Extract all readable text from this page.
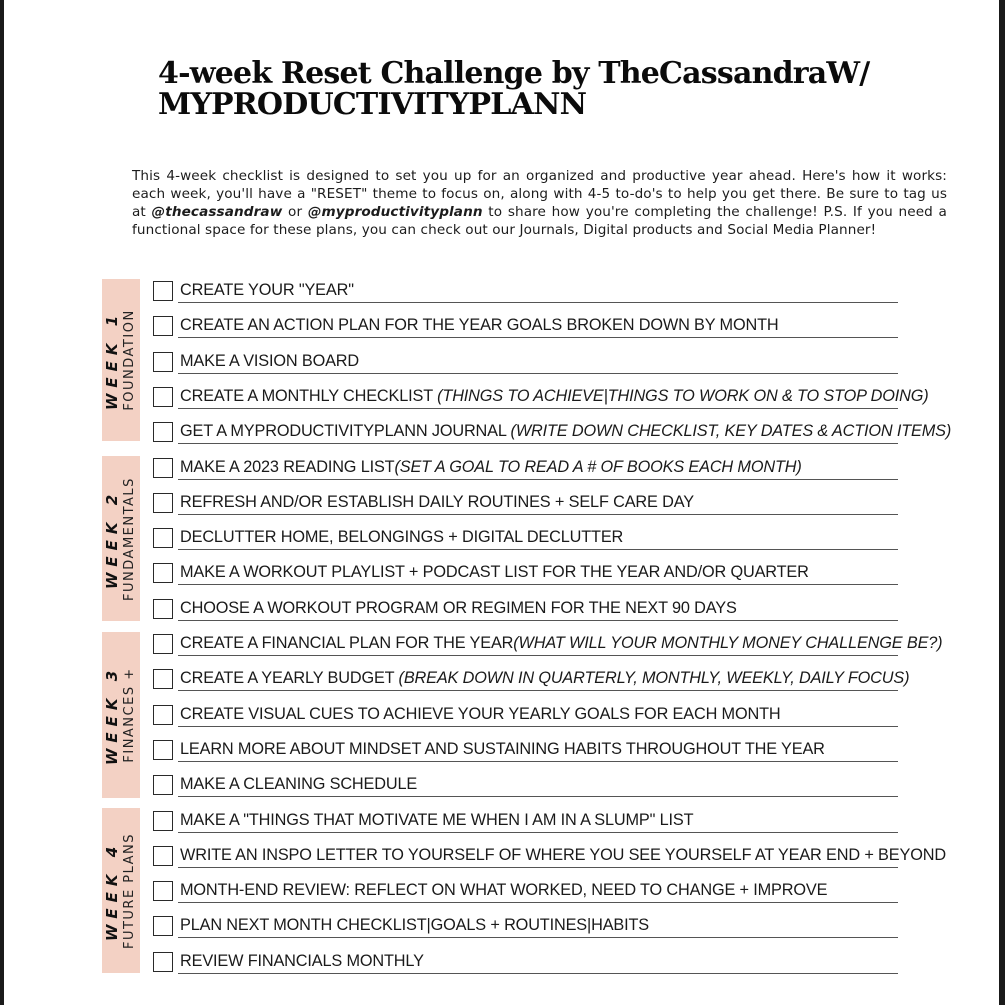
4-week Reset Challenge by TheCassandraW/
MYPRODUCTIVITYPLANN
This 4-week checklist is designed to set you up for an organized and productive year ahead. Here's how it works: each week, you'll have a "RESET" theme to focus on, along with 4-5 to-do's to help you get there. Be sure to tag us at @thecassandraw or @myproductivityplann to share how you're completing the challenge! P.S. If you need a functional space for these plans, you can check out our Journals, Digital products and Social Media Planner!
WEEK 1 FOUNDATION
CREATE YOUR "YEAR"
CREATE AN ACTION PLAN FOR THE YEAR GOALS BROKEN DOWN BY MONTH
MAKE A VISION BOARD
CREATE A MONTHLY CHECKLIST (THINGS TO ACHIEVE|THINGS TO WORK ON & TO STOP DOING)
GET A MYPRODUCTIVITYPLANN JOURNAL (WRITE DOWN CHECKLIST, KEY DATES & ACTION ITEMS)
WEEK 2 FUNDAMENTALS
MAKE A 2023 READING LIST(SET A GOAL TO READ A # OF BOOKS EACH MONTH)
REFRESH AND/OR ESTABLISH DAILY ROUTINES + SELF CARE DAY
DECLUTTER HOME, BELONGINGS + DIGITAL DECLUTTER
MAKE A WORKOUT PLAYLIST + PODCAST LIST FOR THE YEAR AND/OR QUARTER
CHOOSE A WORKOUT PROGRAM OR REGIMEN FOR THE NEXT 90 DAYS
WEEK 3 FINANCES +
CREATE A FINANCIAL PLAN FOR THE YEAR(WHAT WILL YOUR MONTHLY MONEY CHALLENGE BE?)
CREATE A YEARLY BUDGET (BREAK DOWN IN QUARTERLY, MONTHLY, WEEKLY, DAILY FOCUS)
CREATE VISUAL CUES TO ACHIEVE YOUR YEARLY GOALS FOR EACH MONTH
LEARN MORE ABOUT MINDSET AND SUSTAINING HABITS THROUGHOUT THE YEAR
MAKE A CLEANING SCHEDULE
WEEK 4 FUTURE PLANS
MAKE A "THINGS THAT MOTIVATE ME WHEN I AM IN A SLUMP" LIST
WRITE AN INSPO LETTER TO YOURSELF OF WHERE YOU SEE YOURSELF AT YEAR END + BEYOND
MONTH-END REVIEW: REFLECT ON WHAT WORKED, NEED TO CHANGE + IMPROVE
PLAN NEXT MONTH CHECKLIST|GOALS + ROUTINES|HABITS
REVIEW FINANCIALS MONTHLY
